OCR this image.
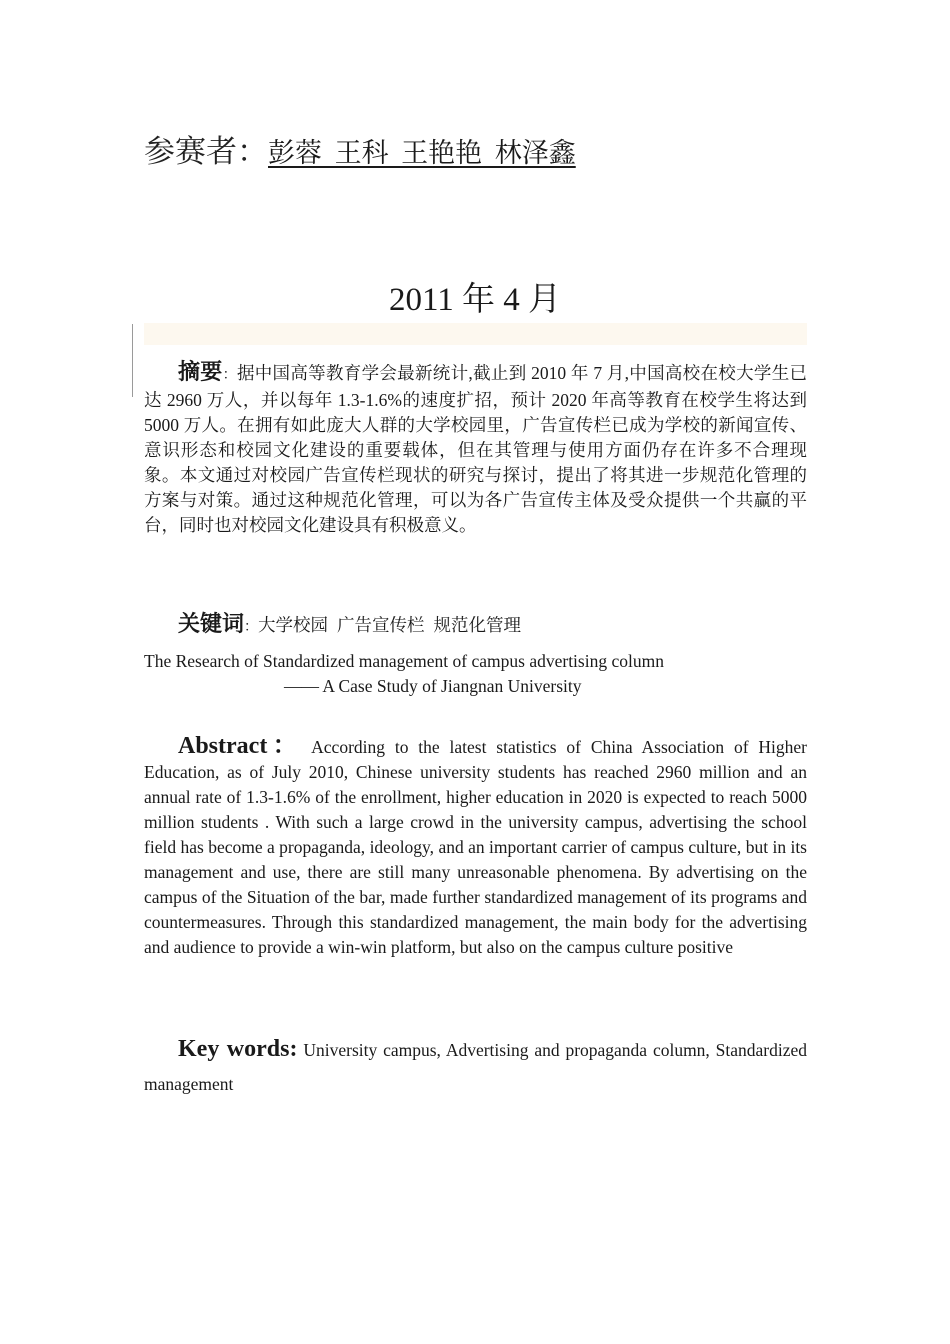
参赛者：彭蓉 王科 王艳艳 林泽鑫
2011 年 4 月
摘要：据中国高等教育学会最新统计,截止到 2010 年 7 月,中国高校在校大学生已达 2960 万人，并以每年 1.3-1.6%的速度扩招，预计 2020 年高等教育在校学生将达到 5000 万人。在拥有如此庞大人群的大学校园里，广告宣传栏已成为学校的新闻宣传、意识形态和校园文化建设的重要载体，但在其管理与使用方面仍存在许多不合理现象。本文通过对校园广告宣传栏现状的研究与探讨，提出了将其进一步规范化管理的方案与对策。通过这种规范化管理，可以为各广告宣传主体及受众提供一个共赢的平台，同时也对校园文化建设具有积极意义。
关键词：大学校园 广告宣传栏 规范化管理
The Research of Standardized management of campus advertising column
—— A Case Study of Jiangnan University
Abstract： According to the latest statistics of China Association of Higher Education, as of July 2010, Chinese university students has reached 2960 million and an annual rate of 1.3-1.6% of the enrollment, higher education in 2020 is expected to reach 5000 million students . With such a large crowd in the university campus, advertising the school field has become a propaganda, ideology, and an important carrier of campus culture, but in its management and use, there are still many unreasonable phenomena. By advertising on the campus of the Situation of the bar, made further standardized management of its programs and countermeasures. Through this standardized management, the main body for the advertising and audience to provide a win-win platform, but also on the campus culture positive
Key words: University campus, Advertising and propaganda column, Standardized management
